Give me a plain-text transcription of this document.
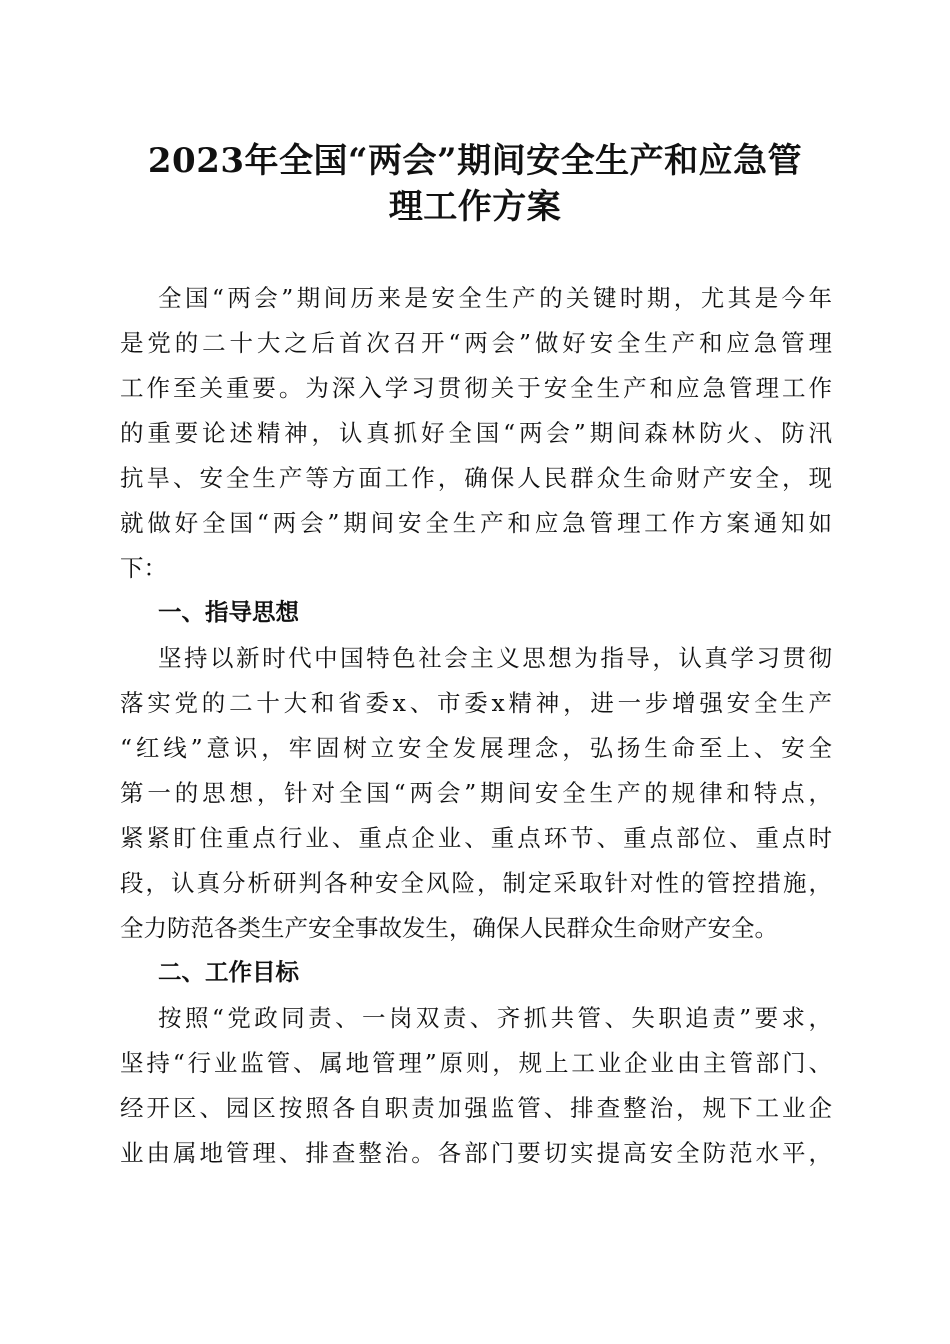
2023年全国“两会”期间安全生产和应急管
理工作方案
全国“两会”期间历来是安全生产的关键时期，尤其是今年
是党的二十大之后首次召开“两会”做好安全生产和应急管理
工作至关重要。为深入学习贯彻关于安全生产和应急管理工作
的重要论述精神，认真抓好全国“两会”期间森林防火、防汛
抗旱、安全生产等方面工作，确保人民群众生命财产安全，现
就做好全国“两会”期间安全生产和应急管理工作方案通知如
下：
一、指导思想
坚持以新时代中国特色社会主义思想为指导，认真学习贯彻
落实党的二十大和省委x、市委x精神，进一步增强安全生产
“红线”意识，牢固树立安全发展理念，弘扬生命至上、安全
第一的思想，针对全国“两会”期间安全生产的规律和特点，
紧紧盯住重点行业、重点企业、重点环节、重点部位、重点时
段，认真分析研判各种安全风险，制定采取针对性的管控措施，
全力防范各类生产安全事故发生，确保人民群众生命财产安全。
二、工作目标
按照“党政同责、一岗双责、齐抓共管、失职追责”要求，
坚持“行业监管、属地管理”原则，规上工业企业由主管部门、
经开区、园区按照各自职责加强监管、排查整治，规下工业企
业由属地管理、排查整治。各部门要切实提高安全防范水平，
